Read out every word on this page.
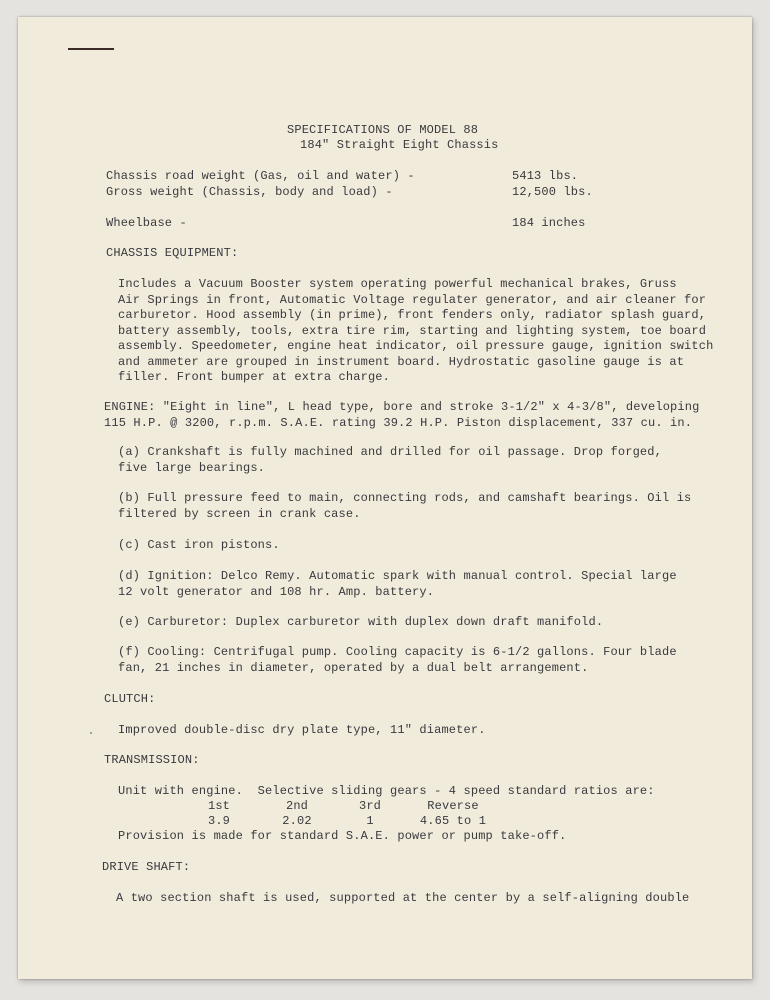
SPECIFICATIONS OF MODEL 88
184" Straight Eight Chassis
Chassis road weight (Gas, oil and water) -	5413 lbs.
Gross weight (Chassis, body and load) -	12,500 lbs.
Wheelbase -	184 inches
CHASSIS EQUIPMENT:
Includes a Vacuum Booster system operating powerful mechanical brakes, Gruss
Air Springs in front, Automatic Voltage regulater generator, and air cleaner for
carburetor. Hood assembly (in prime), front fenders only, radiator splash guard,
battery assembly, tools, extra tire rim, starting and lighting system, toe board
assembly. Speedometer, engine heat indicator, oil pressure gauge, ignition switch
and ammeter are grouped in instrument board. Hydrostatic gasoline gauge is at
filler. Front bumper at extra charge.
ENGINE: "Eight in line", L head type, bore and stroke 3-1/2" x 4-3/8", developing
115 H.P. @ 3200, r.p.m. S.A.E. rating 39.2 H.P. Piston displacement, 337 cu. in.
(a) Crankshaft is fully machined and drilled for oil passage. Drop forged,
five large bearings.
(b) Full pressure feed to main, connecting rods, and camshaft bearings. Oil is
filtered by screen in crank case.
(c) Cast iron pistons.
(d) Ignition: Delco Remy. Automatic spark with manual control. Special large
12 volt generator and 108 hr. Amp. battery.
(e) Carburetor: Duplex carburetor with duplex down draft manifold.
(f) Cooling: Centrifugal pump. Cooling capacity is 6-1/2 gallons. Four blade
fan, 21 inches in diameter, operated by a dual belt arrangement.
CLUTCH:
Improved double-disc dry plate type, 11" diameter.
TRANSMISSION:
Unit with engine.  Selective sliding gears - 4 speed standard ratios are:
1st	2nd	3rd	Reverse
3.9	2.02	1	4.65 to 1
Provision is made for standard S.A.E. power or pump take-off.
DRIVE SHAFT:
A two section shaft is used, supported at the center by a self-aligning double
